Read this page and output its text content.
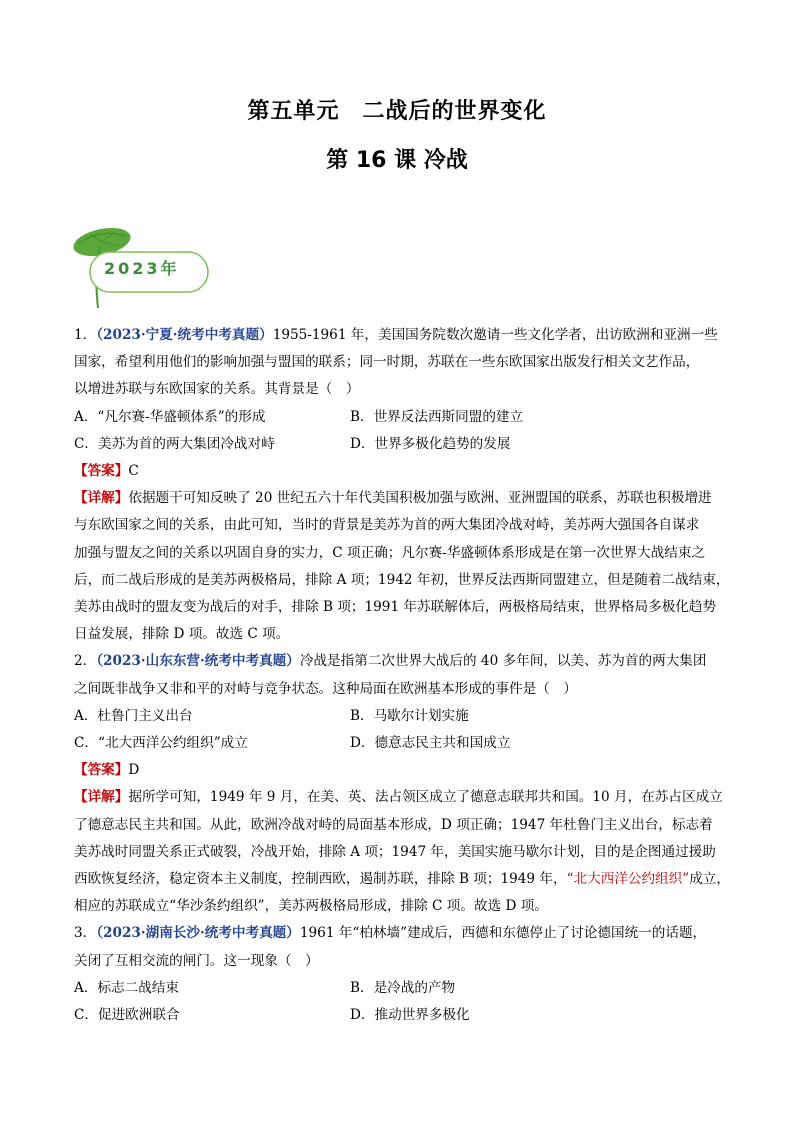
第五单元　二战后的世界变化
第 16 课 冷战
2023年

1．（2023·宁夏·统考中考真题）1955-1961 年，美国国务院数次邀请一些文化学者，出访欧洲和亚洲一些

国家，希望利用他们的影响加强与盟国的联系；同一时期，苏联在一些东欧国家出版发行相关文艺作品，

以增进苏联与东欧国家的关系。其背景是（　）

A．“凡尔赛-华盛顿体系”的形成	B．世界反法西斯同盟的建立
C．美苏为首的两大集团冷战对峙	D．世界多极化趋势的发展

【答案】C

【详解】依据题干可知反映了 20 世纪五六十年代美国积极加强与欧洲、亚洲盟国的联系，苏联也积极增进

与东欧国家之间的关系，由此可知，当时的背景是美苏为首的两大集团冷战对峙，美苏两大强国各自谋求

加强与盟友之间的关系以巩固自身的实力，C 项正确；凡尔赛-华盛顿体系形成是在第一次世界大战结束之

后，而二战后形成的是美苏两极格局，排除 A 项；1942 年初，世界反法西斯同盟建立，但是随着二战结束，

美苏由战时的盟友变为战后的对手，排除 B 项；1991 年苏联解体后，两极格局结束，世界格局多极化趋势

日益发展，排除 D 项。故选 C 项。

2．（2023·山东东营·统考中考真题）冷战是指第二次世界大战后的 40 多年间，以美、苏为首的两大集团

之间既非战争又非和平的对峙与竞争状态。这种局面在欧洲基本形成的事件是（　）

A．杜鲁门主义出台	B．马歇尔计划实施
C．“北大西洋公约组织”成立	D．德意志民主共和国成立

【答案】D

【详解】据所学可知，1949 年 9 月，在美、英、法占领区成立了德意志联邦共和国。10 月，在苏占区成立

了德意志民主共和国。从此，欧洲冷战对峙的局面基本形成，D 项正确；1947 年杜鲁门主义出台，标志着

美苏战时同盟关系正式破裂，冷战开始，排除 A 项；1947 年，美国实施马歇尔计划，目的是企图通过援助

西欧恢复经济，稳定资本主义制度，控制西欧，遏制苏联，排除 B 项；1949 年，“北大西洋公约组织”成立，

相应的苏联成立“华沙条约组织”，美苏两极格局形成，排除 C 项。故选 D 项。

3．（2023·湖南长沙·统考中考真题）1961 年“柏林墙”建成后，西德和东德停止了讨论德国统一的话题，

关闭了互相交流的闸门。这一现象（　）

A．标志二战结束	B．是冷战的产物
C．促进欧洲联合	D．推动世界多极化
